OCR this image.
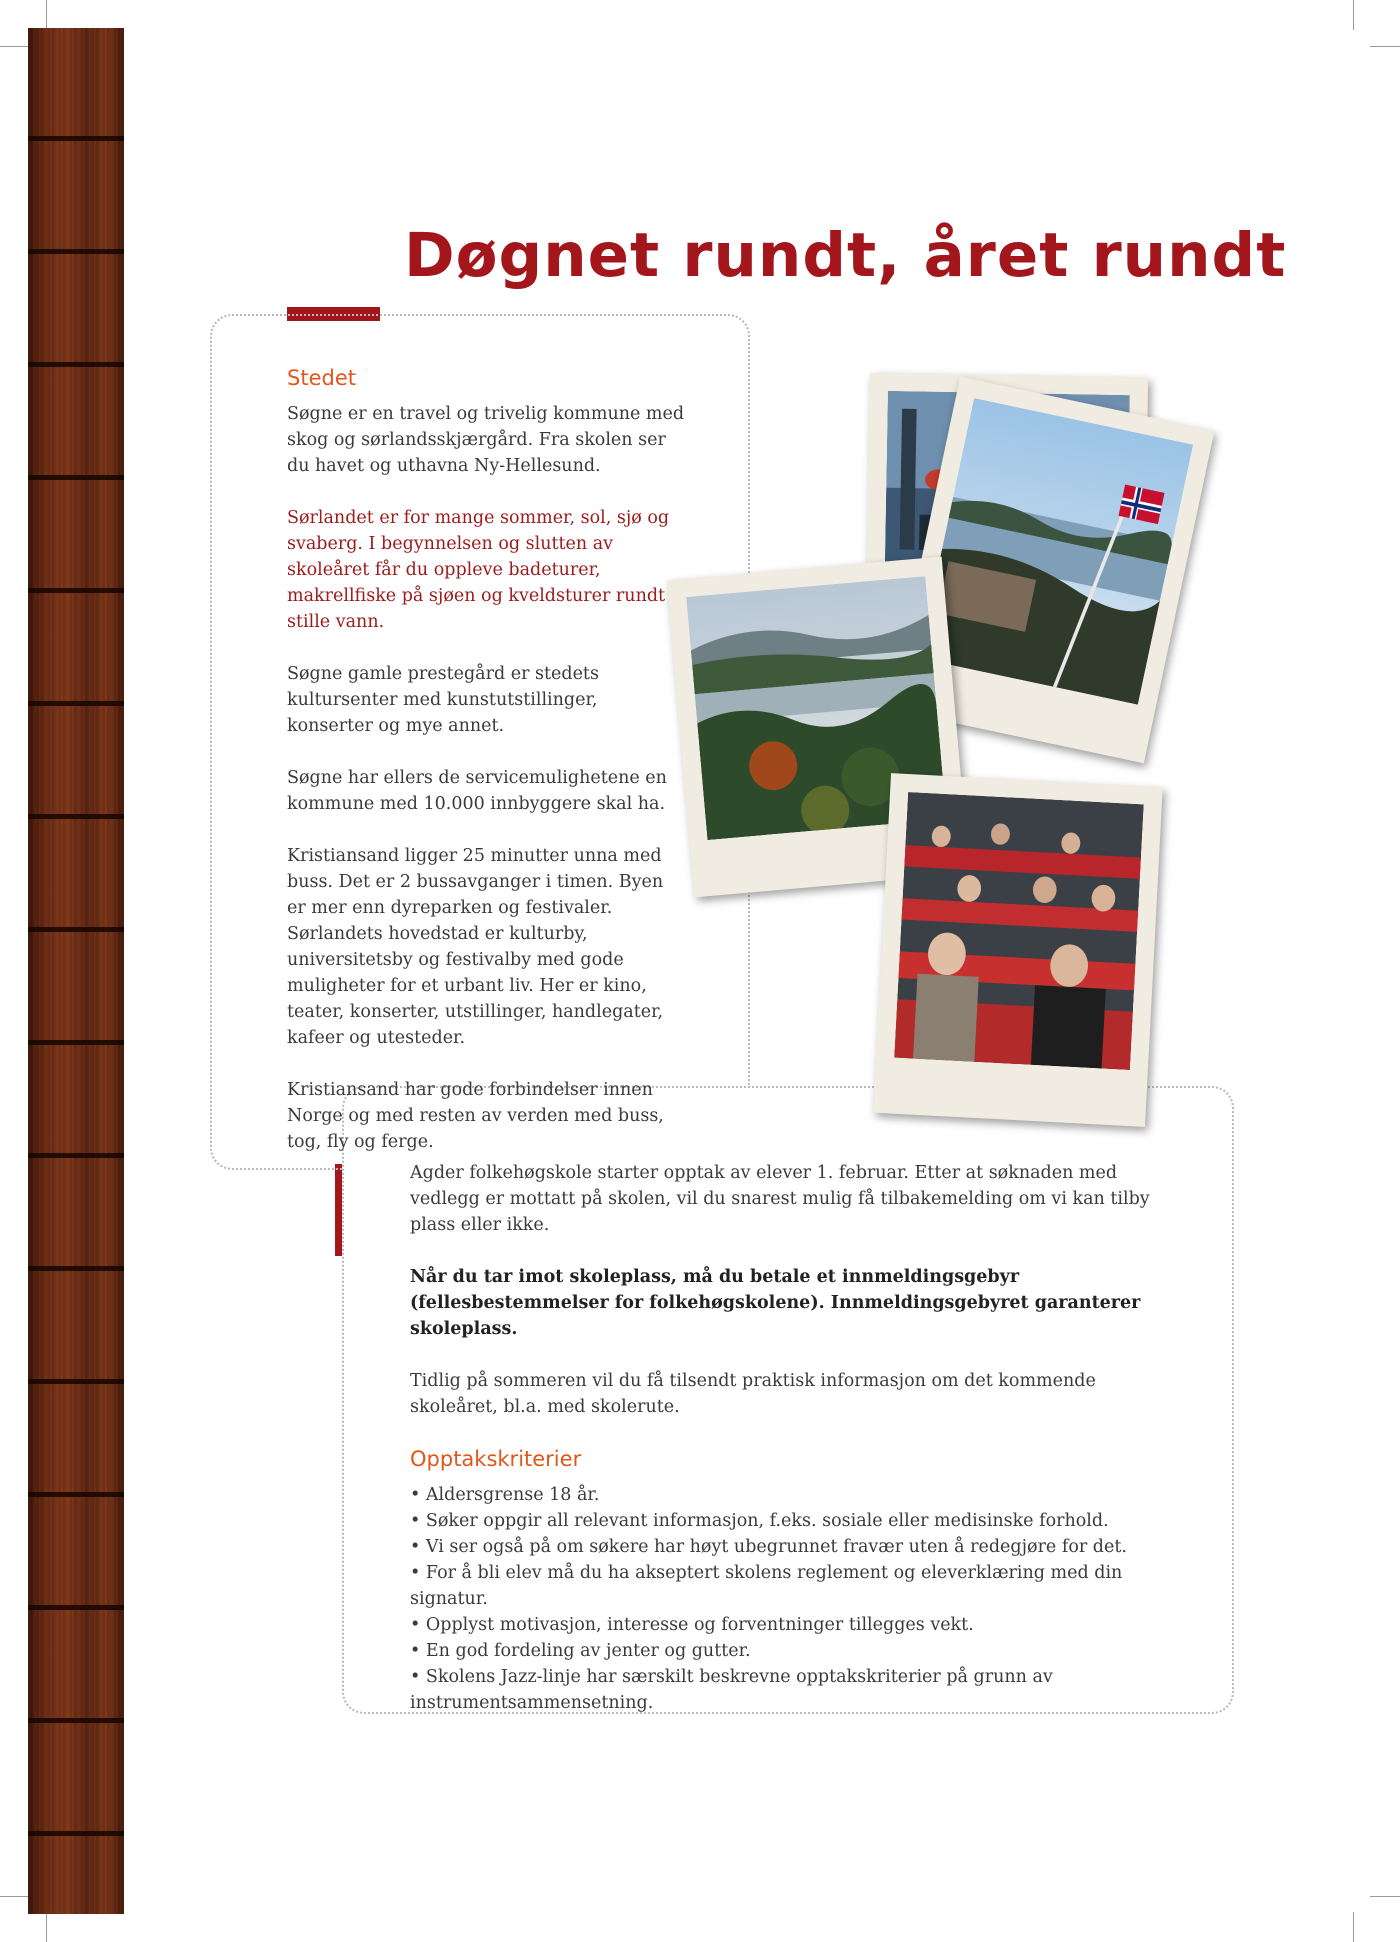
Døgnet rundt, året rundt
Stedet

Søgne er en travel og trivelig kommune med skog og sørlandsskjærgård. Fra skolen ser du havet og uthavna Ny-Hellesund.

Sørlandet er for mange sommer, sol, sjø og svaberg. I begynnelsen og slutten av skoleåret får du oppleve badeturer, makrellfiske på sjøen og kveldsturer rundt stille vann.

Søgne gamle prestegård er stedets kultursenter med kunstutstillinger, konserter og mye annet.

Søgne har ellers de servicemulighetene en kommune med 10.000 innbyggere skal ha.

Kristiansand ligger 25 minutter unna med buss. Det er 2 bussavganger i timen. Byen er mer enn dyreparken og festivaler. Sørlandets hovedstad er kulturby, universitetsby og festivalby med gode muligheter for et urbant liv. Her er kino, teater, konserter, utstillinger, handlegater, kafeer og utesteder.

Kristiansand har gode forbindelser innen Norge og med resten av verden med buss, tog, fly og ferge.

Agder folkehøgskole starter opptak av elever 1. februar. Etter at søknaden med vedlegg er mottatt på skolen, vil du snarest mulig få tilbakemelding om vi kan tilby plass eller ikke.

Når du tar imot skoleplass, må du betale et innmeldingsgebyr (fellesbestemmelser for folkehøgskolene). Innmeldingsgebyret garanterer skoleplass.

Tidlig på sommeren vil du få tilsendt praktisk informasjon om det kommende skoleåret, bl.a. med skolerute.

Opptakskriterier
• Aldersgrense 18 år.
• Søker oppgir all relevant informasjon, f.eks. sosiale eller medisinske forhold.
• Vi ser også på om søkere har høyt ubegrunnet fravær uten å redegjøre for det.
• For å bli elev må du ha akseptert skolens reglement og eleverklæring med din signatur.
• Opplyst motivasjon, interesse og forventninger tillegges vekt.
• En god fordeling av jenter og gutter.
• Skolens Jazz-linje har særskilt beskrevne opptakskriterier på grunn av instrumentsammensetning.
